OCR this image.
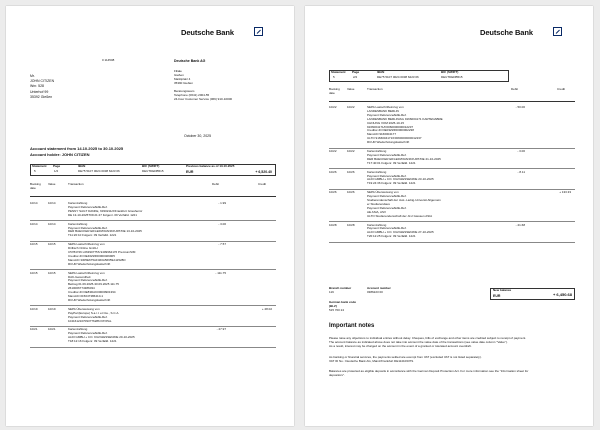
Deutsche Bank
0 114508	Deutsche Bank AG
Filiale
Gießen
Marktplatz 4
35390 Gießen
Beratungsteam
Telephone (0641) 2004-55
24-hour Customer Service (069) 910-10000
Mr.
JOHN CITIZEN
Wnr. 528
Unterhof 99
35392 Gießen
October 30, 2025
Account statement from 14.10.2025 to 30.10.2025
Account holder: JOHN CITIZEN
Statement Page	IBAN	BIC (SWIFT)	Previous balance as of 13.10.2025
5	1/2	DE75 5107 0024 0038 6223 06	DEUTDEDB515	EUR	+ 6,520.40
Booking date
Value	Transaction	Debit	Credit
10/14	10/14	Kartenzahlung
Payment Reference/E2E-Ref.
PENNY SAGT DANKE, 6330211/2/Frankfurt Griesheim/
DE 13-10-2025T09:21:47 Folgenr. 09 Verfalld. 1221
- 1.99
10/14	10/14	Kartenzahlung
Payment Reference/E2E-Ref.
DER BAECKER EIFLER//FRANKFURT/DE 13-10-2025
T11:20:10 Folgenr. 09 Verfalld. 1221
- 3.00
10/15	10/15	SEPA Lastschrifteinzug von
Drillisch Online GmbH
C5784726 L06390775S 9409964176 PremiumSIM
Creditor-ID DE46ZZZ00000409905
Mand-ID 3305E675AF460A56659A11528D
RCUR Wiederholungslastschrift
- 7.57
10/15	10/15	SEPA Lastschrifteinzug von
DAK-Gesundheit
Payment Reference/E2E-Ref.
Beitrag 01.09.2025-30.09.2025 111.75
2610006774386034
Creditor-ID DE83DAK00000901394
Mand-ID 015047386410-1
RCUR Wiederholungslastschrift
- 111.75
10/19	10/19	SEPA Überweisung von
PayPal (Europe) S.a.r.l. et Cie., S.C.A.
Payment Reference/E2E-Ref.
1041612107093776286 PAYPAL
+ 28.02
10/21	10/21	Kartenzahlung
Payment Reference/E2E-Ref.
ALDI GMBH + CO. KG//GIESSEN/DE 20-10-2025
T18:12:16 Folgenr. 09 Verfalld. 1221
- 27.97
Deutsche Bank
Statement Page	IBAN	BIC (SWIFT)
5	2/2	DE75 5107 0024 0038 6223 06	DEUTDEDB515
Booking date
Value	Transaction	Debit	Credit
10/22	10/22	SEPA Lastschrifteinzug von
LANDESBANK BERLIN
Payment Reference/E2E-Ref.
LANDESBANK BERLIN/AG 9166004171 KARTENABRE
CHNUNG VOM 2025-10-15
9166004171/F0060000000012237
Creditor-ID DE03ZZZ00000002238
Mand-ID 9166004177
ULTO 9166004171/F0060000000012237
RCUR Wiederholungslastschrift
- 50.00
10/22	10/22	Kartenzahlung
Payment Reference/E2E-Ref.
DER BAECKER EIFLER//FRANKFURT/DE 21-10-2025
T17:40:01 Folgenr. 09 Verfalld. 1221
- 3.00
10/26	10/26	Kartenzahlung
Payment Reference/E2E-Ref.
ALDI GMBH + CO. KG//GIESSEN/DE 23-10-2025
T19:24:36 Folgenr. 09 Verfalld. 1221
- 8.11
10/26	10/26	SEPA Überweisung von
Payment Reference/E2E-Ref.
Studierendenschaft der Just.-Liebig-Universit Allgemein
er Studierendaus
Payment Reference/E2E-Ref.
AE ASIA, ASV
ULTO Studierendenschaft der JLU Giessen ASIA
+ 133.33
10/28	10/28	Kartenzahlung
Payment Reference/E2E-Ref.
ALDI GMBH + CO. KG//GIESSEN/DE 27-10-2025
T20:12:25 Folgenr. 09 Verfalld. 1221
- 21.68
Branch number
119
Account number
0386223 00
German bank code (BLZ)
515 700 24
New balance
EUR	+ 6,450.68
Important notes
Please raise any objections to individual entries without delay. Cheques, bills of exchange and other items are credited subject to receipt of payment.
The account balance as indicated above does not take into account the value date of the transactions (see value date column "Value").
As a result, interest may be charged on the account in the event of a granted or tolerated account overdraft.
As banking or financial services, the payments settled are exempt from VAT (excluded VAT is not listed separately).
VAT ID No.: Deutsche Bank AG, Mainz/Frankfurt DE114103379.
Balances are protected as eligible deposits in accordance with the German Deposit Protection Act. For more information see the "Information sheet for
depositors".
